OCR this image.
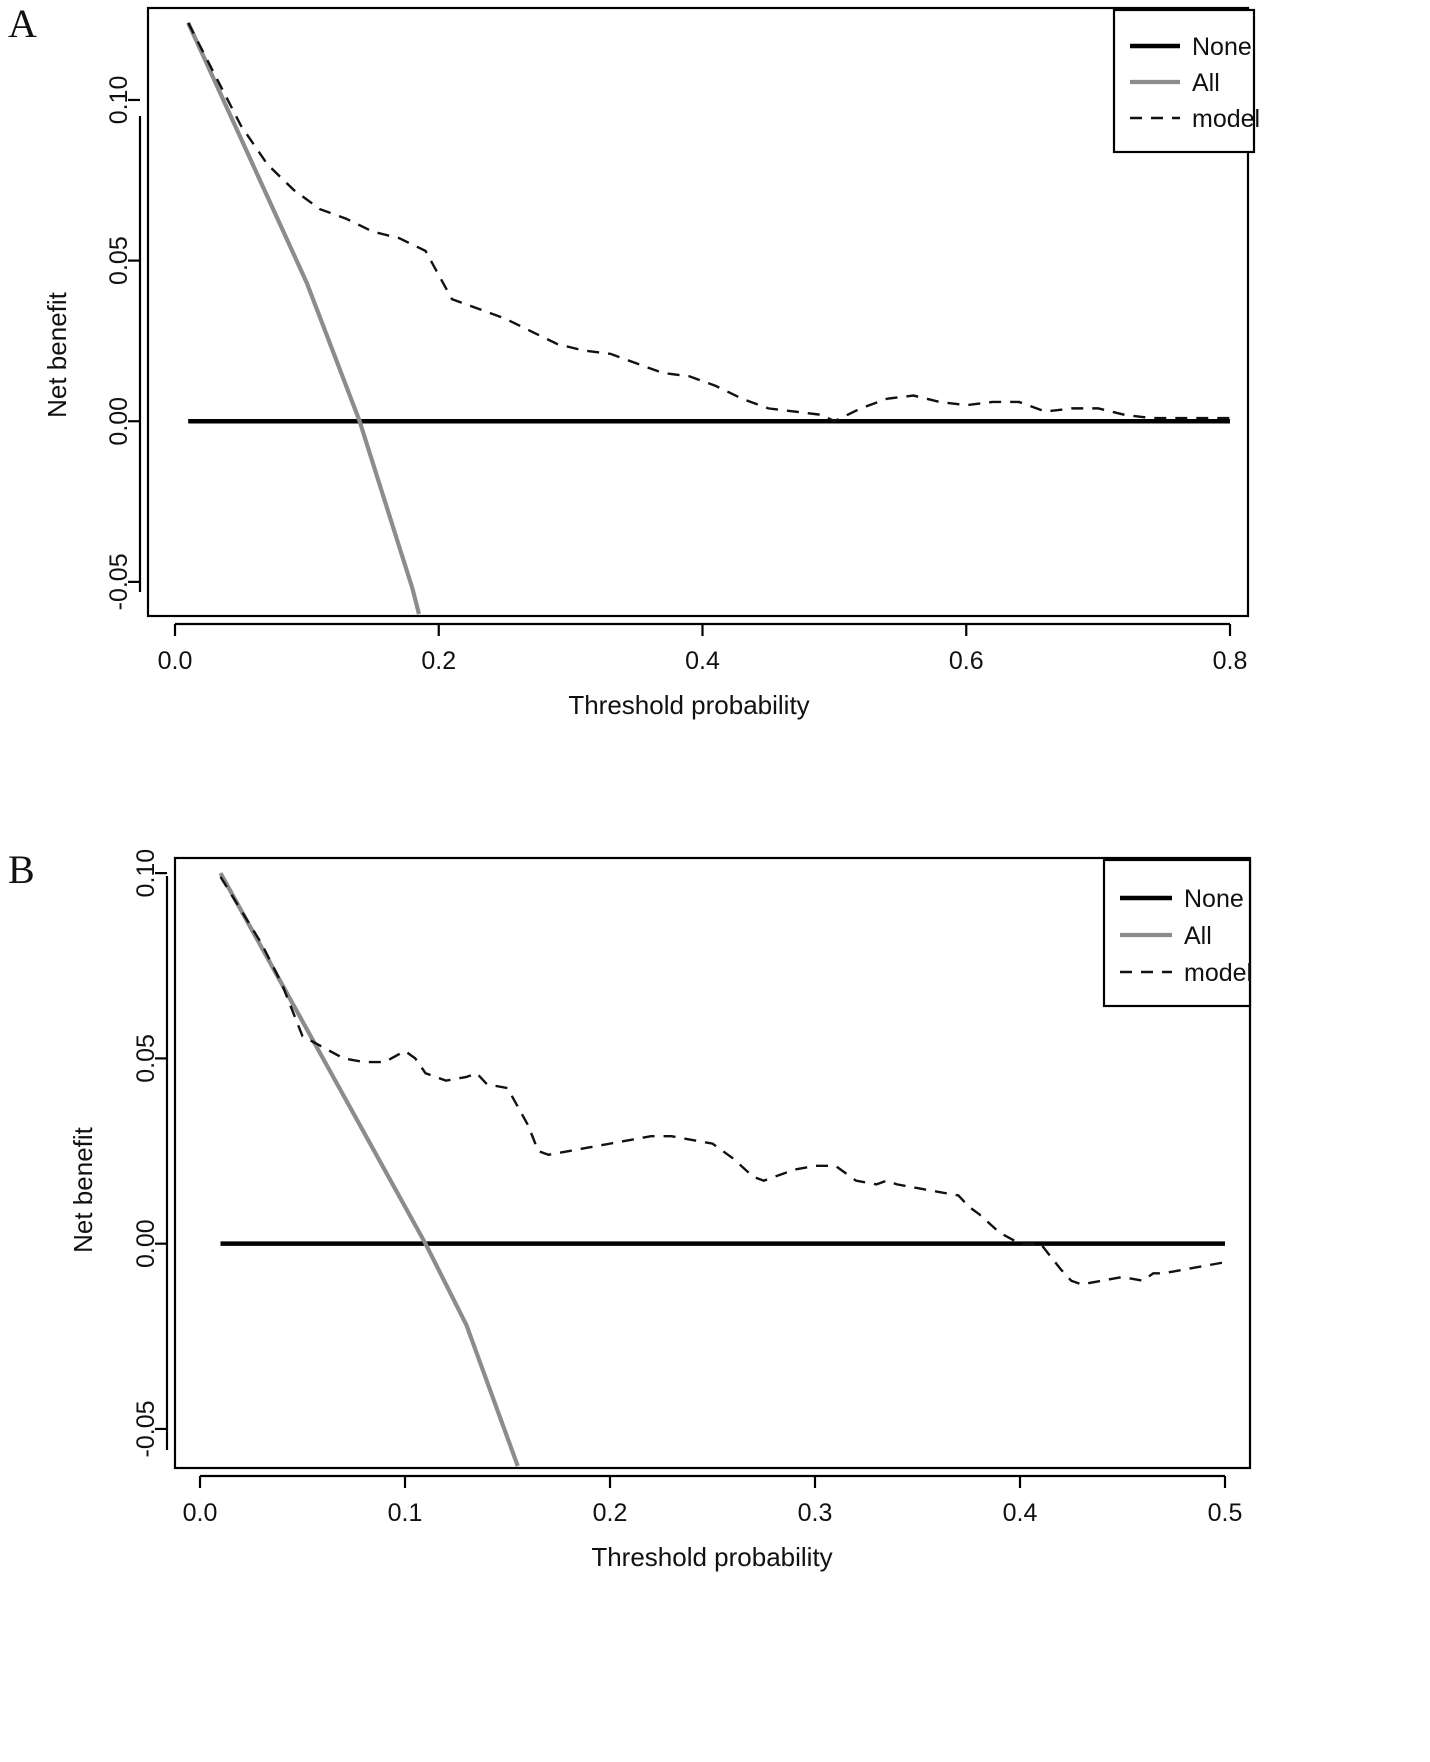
A
0.0	0.2	0.4	0.6	0.8
-0.05
0.00
0.05
0.10
Threshold probability
Net benefit
None
All
model
B
0.0	0.1	0.2	0.3	0.4	0.5
-0.05
0.00
0.05
0.10
Threshold probability
Net benefit
None
All
model
